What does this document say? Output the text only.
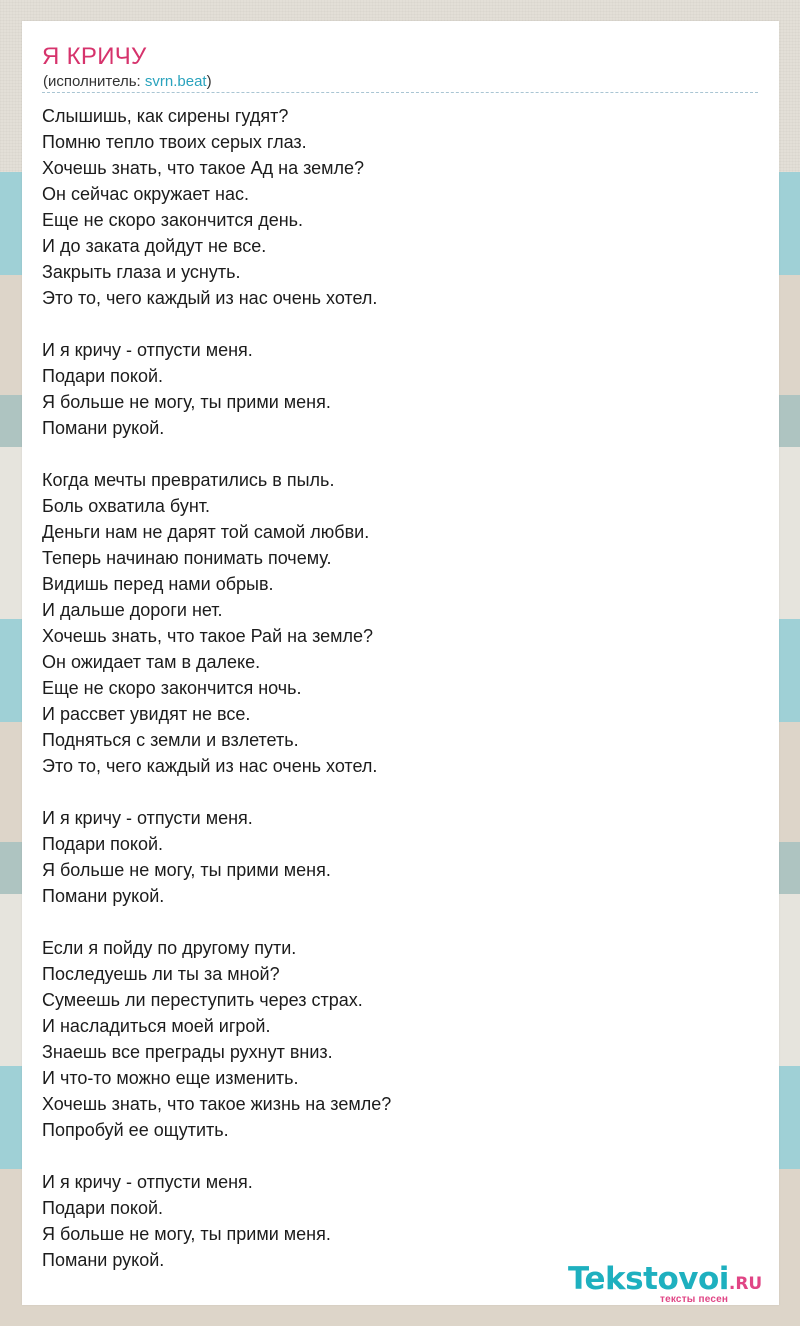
Я КРИЧУ
(исполнитель: svrn.beat)
Слышишь, как сирены гудят?
Помню тепло твоих серых глаз.
Хочешь знать, что такое Ад на земле?
Он сейчас окружает нас.
Еще не скоро закончится день.
И до заката дойдут не все.
Закрыть глаза и уснуть.
Это то, чего каждый из нас очень хотел.
И я кричу - отпусти меня.
Подари покой.
Я больше не могу, ты прими меня.
Помани рукой.
Когда мечты превратились в пыль.
Боль охватила бунт.
Деньги нам не дарят той самой любви.
Теперь начинаю понимать почему.
Видишь перед нами обрыв.
И дальше дороги нет.
Хочешь знать, что такое Рай на земле?
Он ожидает там в далеке.
Еще не скоро закончится ночь.
И рассвет увидят не все.
Подняться с земли и взлететь.
Это то, чего каждый из нас очень хотел.
И я кричу - отпусти меня.
Подари покой.
Я больше не могу, ты прими меня.
Помани рукой.
Если я пойду по другому пути.
Последуешь ли ты за мной?
Сумеешь ли переступить через страх.
И насладиться моей игрой.
Знаешь все преграды рухнут вниз.
И что-то можно еще изменить.
Хочешь знать, что такое жизнь на земле?
Попробуй ее ощутить.
И я кричу - отпусти меня.
Подари покой.
Я больше не могу, ты прими меня.
Помани рукой.
Tekstovoi.RU
тексты песен
